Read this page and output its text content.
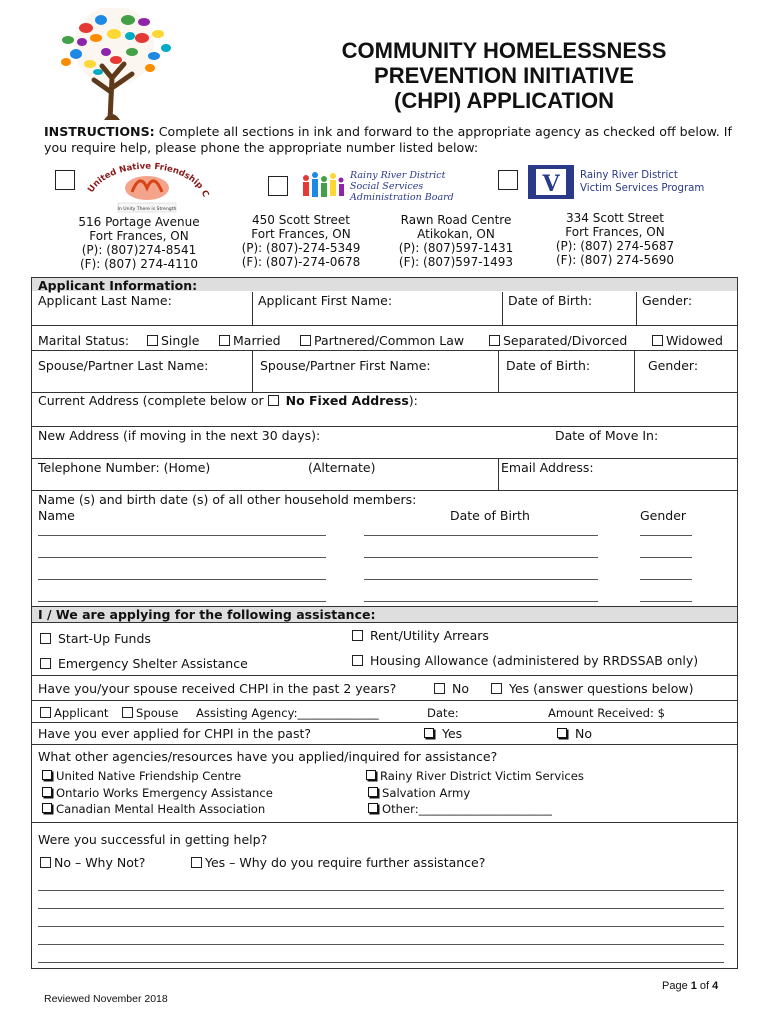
COMMUNITY HOMELESSNESS
PREVENTION INITIATIVE
(CHPI) APPLICATION
INSTRUCTIONS: Complete all sections in ink and forward to the appropriate agency as checked off below. If you require help, please phone the appropriate number listed below:
United Native Friendship C
In Unity There is Strength
Rainy River District
Social Services
Administration Board
V Rainy River District
Victim Services Program
516 Portage Avenue
Fort Frances, ON
(P): (807)274-8541
(F): (807) 274-4110
450 Scott Street
Fort Frances, ON
(P): (807)-274-5349
(F): (807)-274-0678
Rawn Road Centre
Atikokan, ON
(P): (807)597-1431
(F): (807)597-1493
334 Scott Street
Fort Frances, ON
(P): (807) 274-5687
(F): (807) 274-5690
Applicant Information:
Applicant Last Name:	Applicant First Name:	Date of Birth:	Gender:
Marital Status:	Single	Married	Partnered/Common Law	Separated/Divorced	Widowed
Spouse/Partner Last Name:	Spouse/Partner First Name:	Date of Birth:	Gender:
Current Address (complete below or  No Fixed Address):
New Address (if moving in the next 30 days):	Date of Move In:
Telephone Number: (Home)	(Alternate)	Email Address:
Name (s) and birth date (s) of all other household members:
Name	Date of Birth	Gender
I / We are applying for the following assistance:
Start-Up Funds	Rent/Utility Arrears
Emergency Shelter Assistance	Housing Allowance (administered by RRDSSAB only)
Have you/your spouse received CHPI in the past 2 years?	No	Yes (answer questions below)
Applicant	Spouse Assisting Agency:______________	Date:	Amount Received: $
Have you ever applied for CHPI in the past?	Yes	No
What other agencies/resources have you applied/inquired for assistance?
United Native Friendship Centre
Ontario Works Emergency Assistance
Canadian Mental Health Association
Rainy River District Victim Services
Salvation Army
Other:_______________________
Were you successful in getting help?
No – Why Not?	Yes – Why do you require further assistance?
Page 1 of 4
Reviewed November 2018
